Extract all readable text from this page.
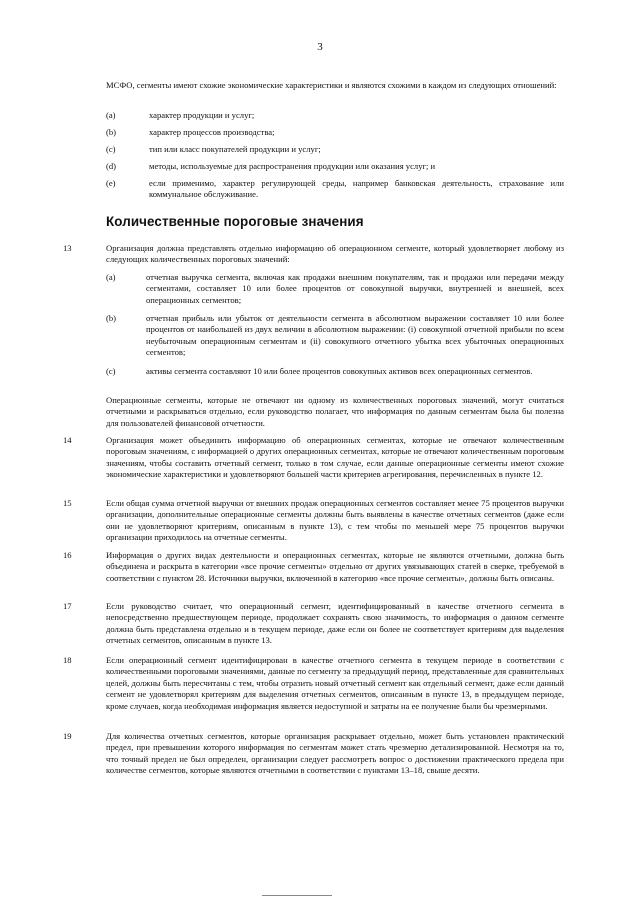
3
МСФО, сегменты имеют схожие экономические характеристики и являются схожими в каждом из следующих отношений:
(a)	характер продукции и услуг;
(b)	характер процессов производства;
(c)	тип или класс покупателей продукции и услуг;
(d)	методы, используемые для распространения продукции или оказания услуг; и
(e)	если применимо, характер регулирующей среды, например банковская деятельность, страхование или коммунальное обслуживание.
Количественные пороговые значения
13	Организация должна представлять отдельно информацию об операционном сегменте, который удовлетворяет любому из следующих количественных пороговых значений:
(a)	отчетная выручка сегмента, включая как продажи внешним покупателям, так и продажи или передачи между сегментами, составляет 10 или более процентов от совокупной выручки, внутренней и внешней, всех операционных сегментов;
(b)	отчетная прибыль или убыток от деятельности сегмента в абсолютном выражении составляет 10 или более процентов от наибольшей из двух величин в абсолютном выражении: (i) совокупной отчетной прибыли по всем неубыточным операционным сегментам и (ii) совокупного отчетного убытка всех убыточных операционных сегментов;
(c)	активы сегмента составляют 10 или более процентов совокупных активов всех операционных сегментов.
Операционные сегменты, которые не отвечают ни одному из количественных пороговых значений, могут считаться отчетными и раскрываться отдельно, если руководство полагает, что информация по данным сегментам была бы полезна для пользователей финансовой отчетности.
14	Организация может объединить информацию об операционных сегментах, которые не отвечают количественным пороговым значениям, с информацией о других операционных сегментах, которые не отвечают количественным пороговым значениям, чтобы составить отчетный сегмент, только в том случае, если данные операционные сегменты имеют схожие экономические характеристики и удовлетворяют большей части критериев агрегирования, перечисленных в пункте 12.
15	Если общая сумма отчетной выручки от внешних продаж операционных сегментов составляет менее 75 процентов выручки организации, дополнительные операционные сегменты должны быть выявлены в качестве отчетных сегментов (даже если они не удовлетворяют критериям, описанным в пункте 13), с тем чтобы по меньшей мере 75 процентов выручки организации приходилось на отчетные сегменты.
16	Информация о других видах деятельности и операционных сегментах, которые не являются отчетными, должна быть объединена и раскрыта в категории «все прочие сегменты» отдельно от других увязывающих статей в сверке, требуемой в соответствии с пунктом 28. Источники выручки, включенной в категорию «все прочие сегменты», должны быть описаны.
17	Если руководство считает, что операционный сегмент, идентифицированный в качестве отчетного сегмента в непосредственно предшествующем периоде, продолжает сохранять свою значимость, то информация о данном сегменте должна быть представлена отдельно и в текущем периоде, даже если он более не соответствует критериям для выделения отчетных сегментов, описанным в пункте 13.
18	Если операционный сегмент идентифицирован в качестве отчетного сегмента в текущем периоде в соответствии с количественными пороговыми значениями, данные по сегменту за предыдущий период, представленные для сравнительных целей, должны быть пересчитаны с тем, чтобы отразить новый отчетный сегмент как отдельный сегмент, даже если данный сегмент не удовлетворял критериям для выделения отчетных сегментов, описанным в пункте 13, в предыдущем периоде, кроме случаев, когда необходимая информация является недоступной и затраты на ее получение были бы чрезмерными.
19	Для количества отчетных сегментов, которые организация раскрывает отдельно, может быть установлен практический предел, при превышении которого информация по сегментам может стать чрезмерно детализированной. Несмотря на то, что точный предел не был определен, организации следует рассмотреть вопрос о достижении практического предела при количестве сегментов, которые являются отчетными в соответствии с пунктами 13–18, свыше десяти.
